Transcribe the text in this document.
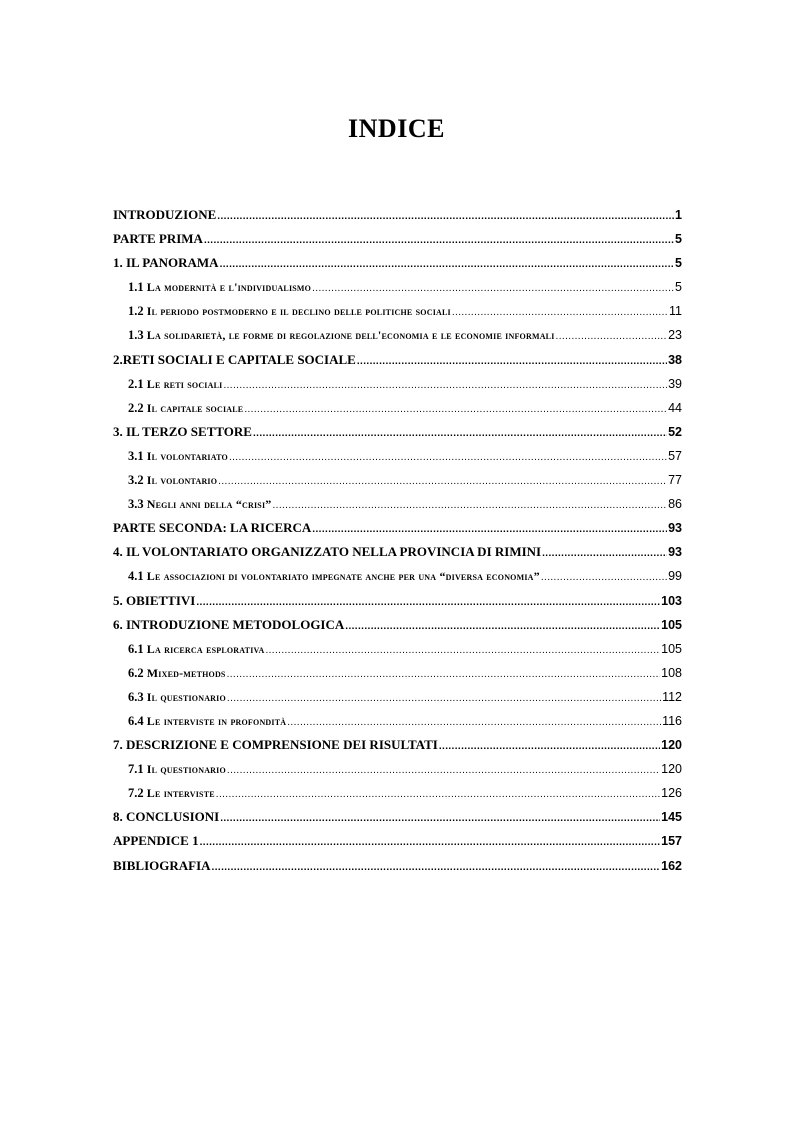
INDICE
INTRODUZIONE .....	1
PARTE PRIMA .....	5
1. IL PANORAMA .....	5
1.1 La modernità e l'individualismo .....	5
1.2 Il periodo postmoderno e il declino delle politiche sociali .....	11
1.3 La solidarietà, le forme di regolazione dell'economia e le economie informali .....	23
2.RETI SOCIALI E CAPITALE SOCIALE .....	38
2.1 Le reti sociali .....	39
2.2 Il capitale sociale .....	44
3. IL TERZO SETTORE .....	52
3.1 Il volontariato .....	57
3.2 Il volontario .....	77
3.3 Negli anni della “crisi” .....	86
PARTE SECONDA: LA RICERCA .....	93
4. IL VOLONTARIATO ORGANIZZATO NELLA PROVINCIA DI RIMINI .....	93
4.1 Le associazioni di volontariato impegnate anche per una “diversa economia” .....	99
5. OBIETTIVI .....	103
6. INTRODUZIONE METODOLOGICA .....	105
6.1 La ricerca esplorativa .....	105
6.2 Mixed-methods .....	108
6.3 Il questionario .....	112
6.4 Le interviste in profondità .....	116
7. DESCRIZIONE E COMPRENSIONE DEI RISULTATI .....	120
7.1 Il questionario .....	120
7.2 Le interviste .....	126
8. CONCLUSIONI .....	145
APPENDICE 1 .....	157
BIBLIOGRAFIA .....	162
